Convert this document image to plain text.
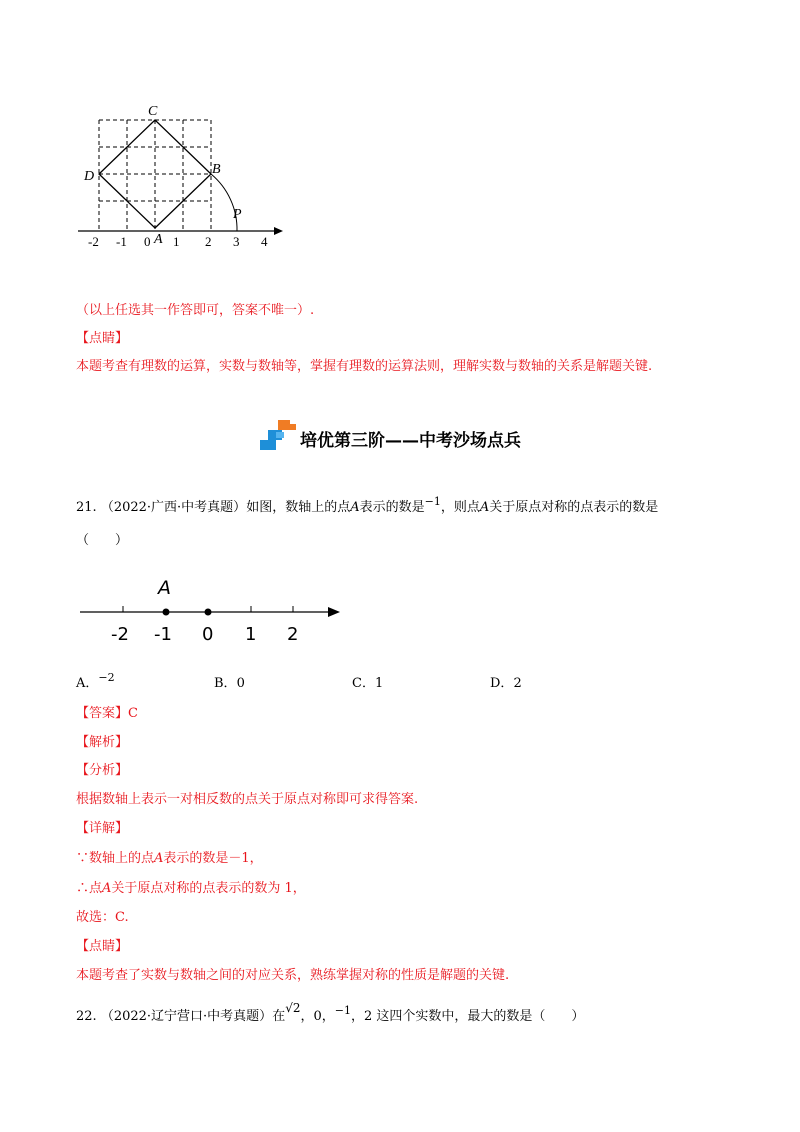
C
D	B
P
A
-2 -1 0 1 2 3 4
（以上任选其一作答即可，答案不唯一）.
【点睛】
本题考查有理数的运算，实数与数轴等，掌握有理数的运算法则，理解实数与数轴的关系是解题关键.
培优第三阶——中考沙场点兵
21. （2022·广西·中考真题）如图，数轴上的点A表示的数是−1，则点A关于原点对称的点表示的数是
（　　）
A
-2 -1 0 1 2
A．−2	B．0	C．1	D．2
【答案】C
【解析】
【分析】
根据数轴上表示一对相反数的点关于原点对称即可求得答案.
【详解】
∵数轴上的点A表示的数是－1，
∴点A关于原点对称的点表示的数为 1，
故选：C.
【点睛】
本题考查了实数与数轴之间的对应关系，熟练掌握对称的性质是解题的关键.
22. （2022·辽宁营口·中考真题）在√2，0，−1，2 这四个实数中，最大的数是（　　）
